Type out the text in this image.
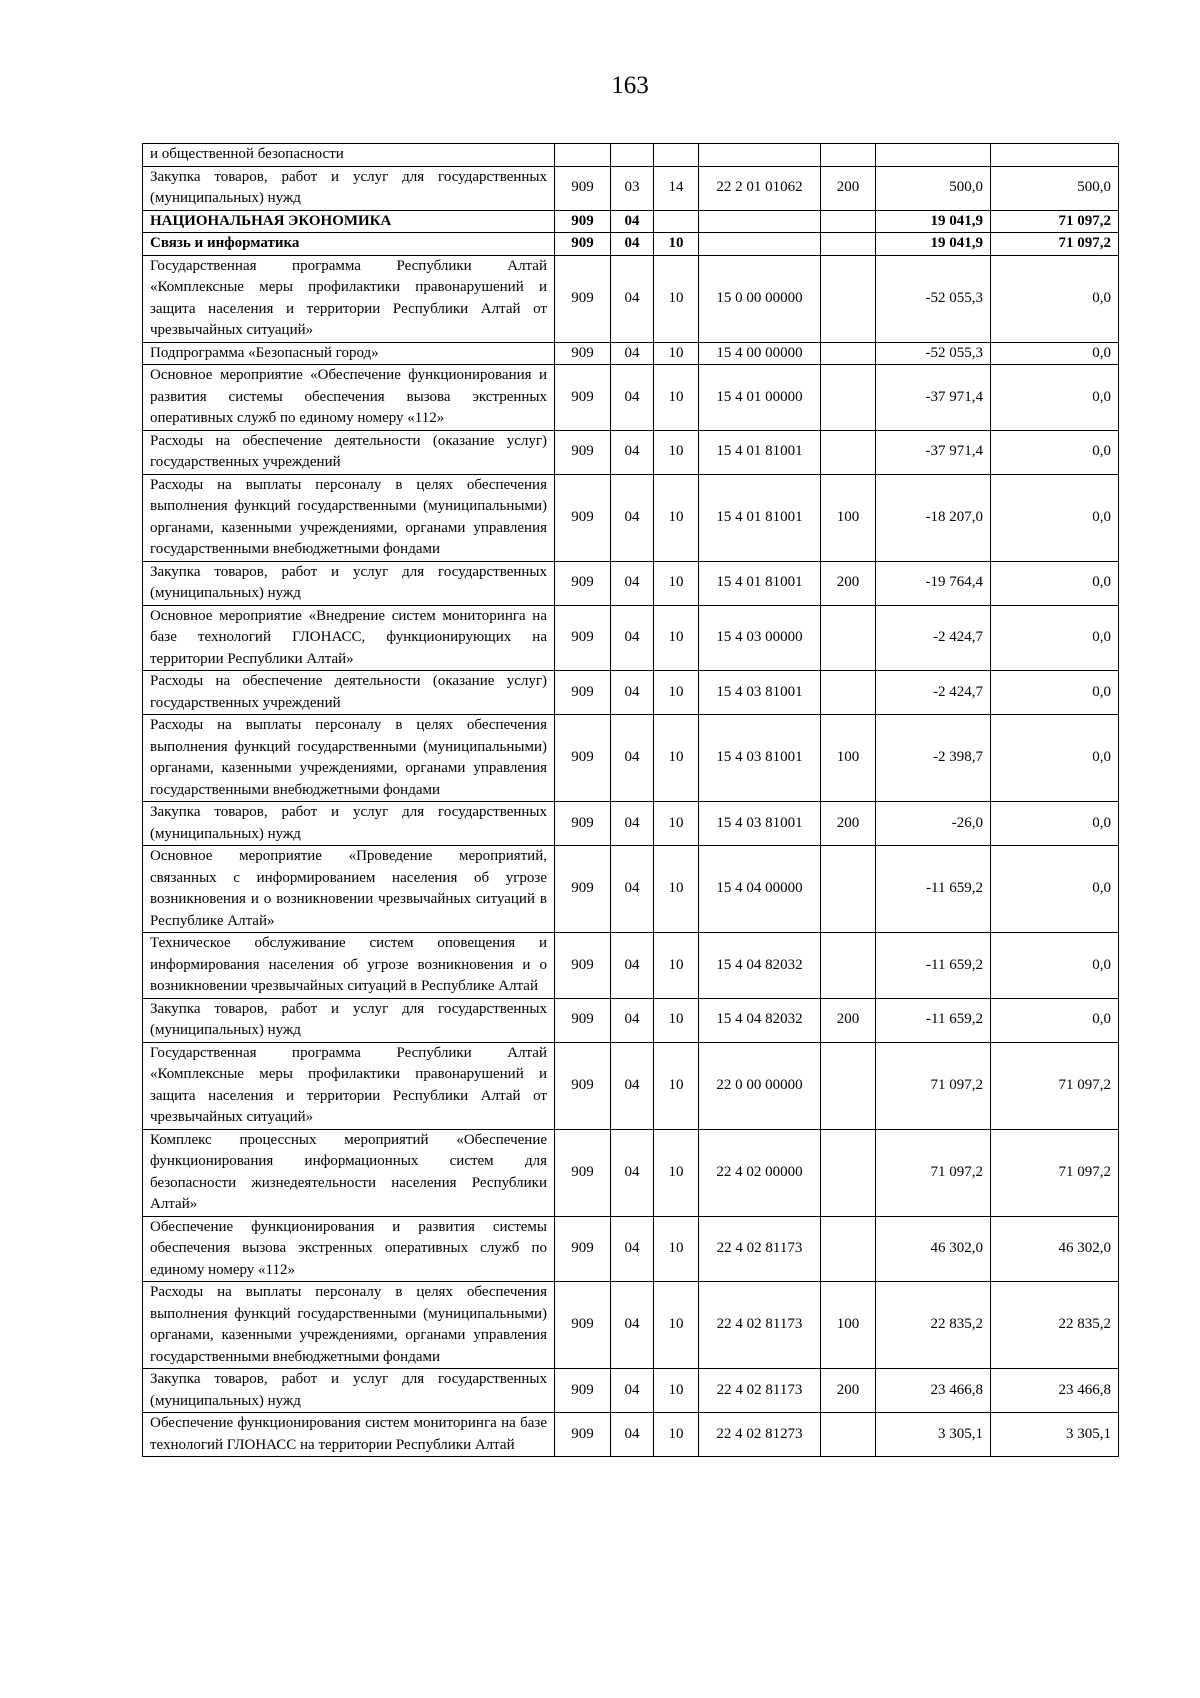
163
и общественной безопасности							
Закупка товаров, работ и услуг для государственных (муниципальных) нужд	909	03	14	22 2 01 01062	200	500,0	500,0
НАЦИОНАЛЬНАЯ ЭКОНОМИКА	909	04				19 041,9	71 097,2
Связь и информатика	909	04	10			19 041,9	71 097,2
Государственная программа Республики Алтай «Комплексные меры профилактики правонарушений и защита населения и территории Республики Алтай от чрезвычайных ситуаций»	909	04	10	15 0 00 00000		-52 055,3	0,0
Подпрограмма «Безопасный город»	909	04	10	15 4 00 00000		-52 055,3	0,0
Основное мероприятие «Обеспечение функционирования и развития системы обеспечения вызова экстренных оперативных служб по единому номеру «112»	909	04	10	15 4 01 00000		-37 971,4	0,0
Расходы на обеспечение деятельности (оказание услуг) государственных учреждений	909	04	10	15 4 01 81001		-37 971,4	0,0
Расходы на выплаты персоналу в целях обеспечения выполнения функций государственными (муниципальными) органами, казенными учреждениями, органами управления государственными внебюджетными фондами	909	04	10	15 4 01 81001	100	-18 207,0	0,0
Закупка товаров, работ и услуг для государственных (муниципальных) нужд	909	04	10	15 4 01 81001	200	-19 764,4	0,0
Основное мероприятие «Внедрение систем мониторинга на базе технологий ГЛОНАСС, функционирующих на территории Республики Алтай»	909	04	10	15 4 03 00000		-2 424,7	0,0
Расходы на обеспечение деятельности (оказание услуг) государственных учреждений	909	04	10	15 4 03 81001		-2 424,7	0,0
Расходы на выплаты персоналу в целях обеспечения выполнения функций государственными (муниципальными) органами, казенными учреждениями, органами управления государственными внебюджетными фондами	909	04	10	15 4 03 81001	100	-2 398,7	0,0
Закупка товаров, работ и услуг для государственных (муниципальных) нужд	909	04	10	15 4 03 81001	200	-26,0	0,0
Основное мероприятие «Проведение мероприятий, связанных с информированием населения об угрозе возникновения и о возникновении чрезвычайных ситуаций в Республике Алтай»	909	04	10	15 4 04 00000		-11 659,2	0,0
Техническое обслуживание систем оповещения и информирования населения об угрозе возникновения и о возникновении чрезвычайных ситуаций в Республике Алтай	909	04	10	15 4 04 82032		-11 659,2	0,0
Закупка товаров, работ и услуг для государственных (муниципальных) нужд	909	04	10	15 4 04 82032	200	-11 659,2	0,0
Государственная программа Республики Алтай «Комплексные меры профилактики правонарушений и защита населения и территории Республики Алтай от чрезвычайных ситуаций»	909	04	10	22 0 00 00000		71 097,2	71 097,2
Комплекс процессных мероприятий «Обеспечение функционирования информационных систем для безопасности жизнедеятельности населения Республики Алтай»	909	04	10	22 4 02 00000		71 097,2	71 097,2
Обеспечение функционирования и развития системы обеспечения вызова экстренных оперативных служб по единому номеру «112»	909	04	10	22 4 02 81173		46 302,0	46 302,0
Расходы на выплаты персоналу в целях обеспечения выполнения функций государственными (муниципальными) органами, казенными учреждениями, органами управления государственными внебюджетными фондами	909	04	10	22 4 02 81173	100	22 835,2	22 835,2
Закупка товаров, работ и услуг для государственных (муниципальных) нужд	909	04	10	22 4 02 81173	200	23 466,8	23 466,8
Обеспечение функционирования систем мониторинга на базе технологий ГЛОНАСС на территории Республики Алтай	909	04	10	22 4 02 81273		3 305,1	3 305,1
